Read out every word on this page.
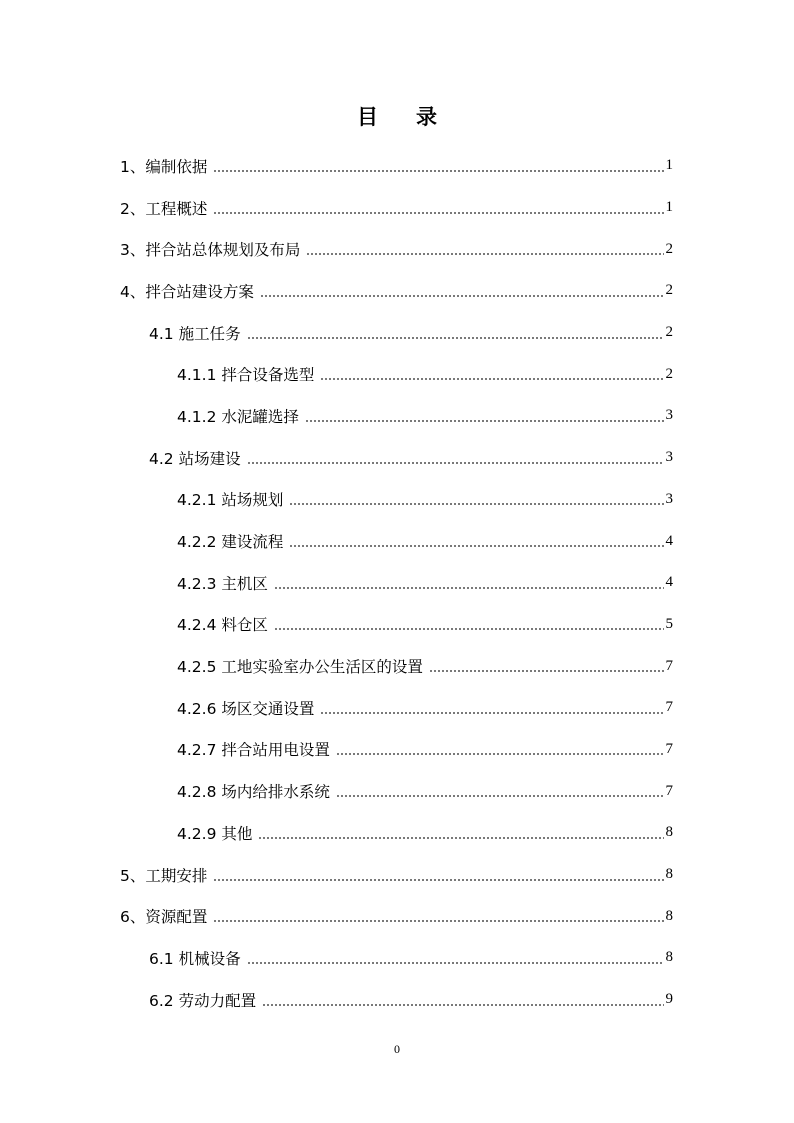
目录
1、编制依据	1
2、工程概述	1
3、拌合站总体规划及布局	2
4、拌合站建设方案	2
4.1 施工任务	2
4.1.1 拌合设备选型	2
4.1.2 水泥罐选择	3
4.2 站场建设	3
4.2.1 站场规划	3
4.2.2 建设流程	4
4.2.3 主机区	4
4.2.4 料仓区	5
4.2.5 工地实验室办公生活区的设置	7
4.2.6 场区交通设置	7
4.2.7 拌合站用电设置	7
4.2.8 场内给排水系统	7
4.2.9 其他	8
5、工期安排	8
6、资源配置	8
6.1 机械设备	8
6.2 劳动力配置	9
0
